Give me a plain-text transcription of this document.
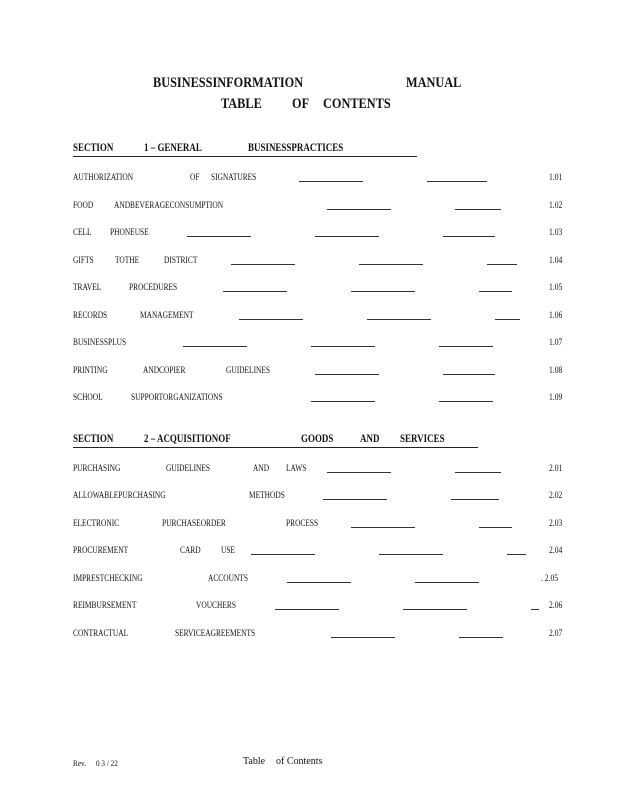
BUSINESSINFORMATION	MANUAL
TABLE OF CONTENTS
SECTION	1 – GENERAL	BUSINESSPRACTICES
AUTHORIZATION	OF SIGNATURES	1.01
FOOD ANDBEVERAGECONSUMPTION	1.02
CELL PHONEUSE	1.03
GIFTS TOTHE	DISTRICT	1.04
TRAVEL	PROCEDURES	1.05
RECORDS	MANAGEMENT	1.06
BUSINESSPLUS	1.07
PRINTING	ANDCOPIER	GUIDELINES	1.08
SCHOOL	SUPPORTORGANIZATIONS	1.09
SECTION	2 – ACQUISITIONOF	GOODS AND SERVICES
PURCHASING	GUIDELINES	AND LAWS	2.01
ALLOWABLEPURCHASING	METHODS	2.02
ELECTRONIC	PURCHASEORDER	PROCESS	2.03
PROCUREMENT	CARD USE	2.04
IMPRESTCHECKING	ACCOUNTS	. 2.05
REIMBURSEMENT	VOUCHERS	2.06
CONTRACTUAL	SERVICEAGREEMENTS	2.07
Rev. 0 3 / 22	Table of Contents
